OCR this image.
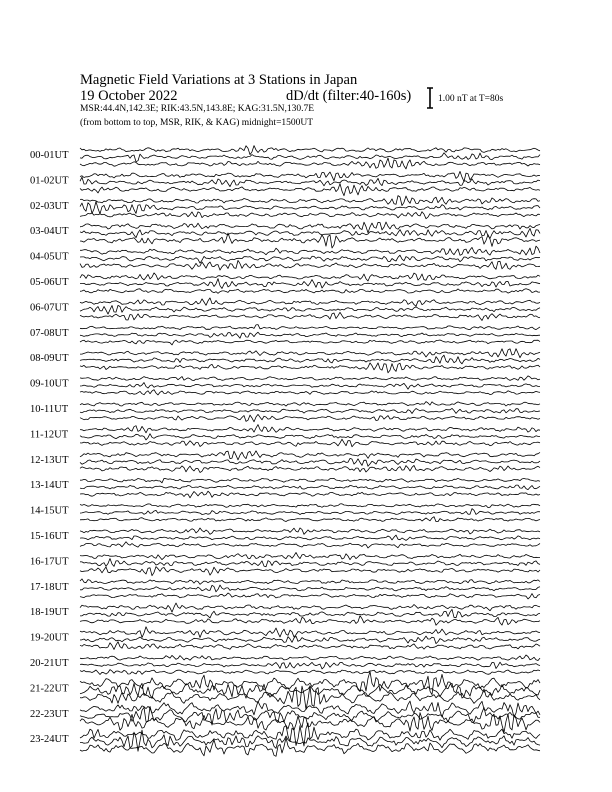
Magnetic Field Variations at 3 Stations in Japan
19 October 2022	dD/dt (filter:40-160s)
MSR:44.4N,142.3E; RIK:43.5N,143.8E; KAG:31.5N,130.7E
(from bottom to top, MSR, RIK, & KAG) midnight=1500UT
1.00 nT at T=80s
00-01UT
01-02UT
02-03UT
03-04UT
04-05UT
05-06UT
06-07UT
07-08UT
08-09UT
09-10UT
10-11UT
11-12UT
12-13UT
13-14UT
14-15UT
15-16UT
16-17UT
17-18UT
18-19UT
19-20UT
20-21UT
21-22UT
22-23UT
23-24UT
